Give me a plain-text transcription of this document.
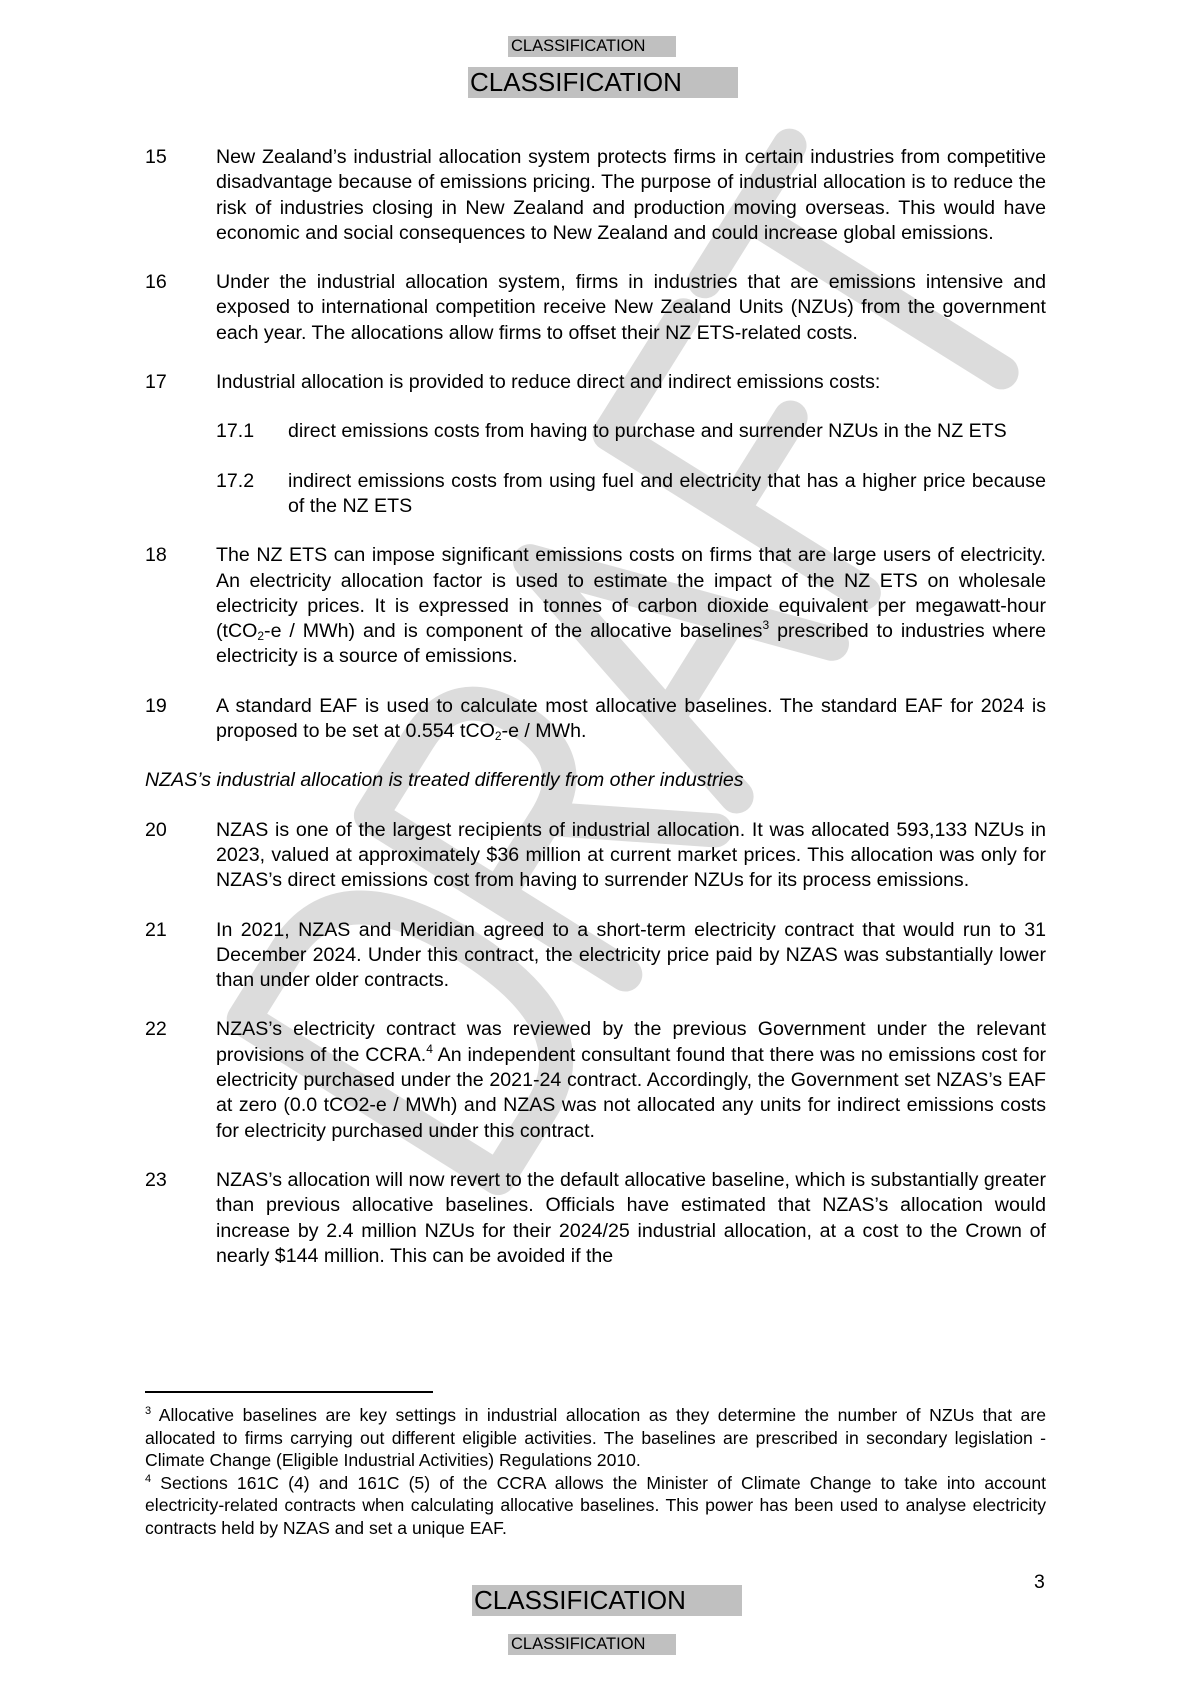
CLASSIFICATION
CLASSIFICATION
15	New Zealand’s industrial allocation system protects firms in certain industries from competitive disadvantage because of emissions pricing. The purpose of industrial allocation is to reduce the risk of industries closing in New Zealand and production moving overseas. This would have economic and social consequences to New Zealand and could increase global emissions.
16	Under the industrial allocation system, firms in industries that are emissions intensive and exposed to international competition receive New Zealand Units (NZUs) from the government each year. The allocations allow firms to offset their NZ ETS-related costs.
17	Industrial allocation is provided to reduce direct and indirect emissions costs:
17.1 direct emissions costs from having to purchase and surrender NZUs in the NZ ETS
17.2 indirect emissions costs from using fuel and electricity that has a higher price because of the NZ ETS
18	The NZ ETS can impose significant emissions costs on firms that are large users of electricity. An electricity allocation factor is used to estimate the impact of the NZ ETS on wholesale electricity prices. It is expressed in tonnes of carbon dioxide equivalent per megawatt-hour (tCO$_2$-e / MWh) and is component of the allocative baselines$^3$ prescribed to industries where electricity is a source of emissions.
19	A standard EAF is used to calculate most allocative baselines. The standard EAF for 2024 is proposed to be set at 0.554 tCO$_2$-e / MWh.
NZAS’s industrial allocation is treated differently from other industries
20	NZAS is one of the largest recipients of industrial allocation. It was allocated 593,133 NZUs in 2023, valued at approximately $36 million at current market prices. This allocation was only for NZAS’s direct emissions cost from having to surrender NZUs for its process emissions.
21	In 2021, NZAS and Meridian agreed to a short-term electricity contract that would run to 31 December 2024. Under this contract, the electricity price paid by NZAS was substantially lower than under older contracts.
22	NZAS’s electricity contract was reviewed by the previous Government under the relevant provisions of the CCRA.$^4$ An independent consultant found that there was no emissions cost for electricity purchased under the 2021-24 contract. Accordingly, the Government set NZAS’s EAF at zero (0.0 tCO2-e / MWh) and NZAS was not allocated any units for indirect emissions costs for electricity purchased under this contract.
23	NZAS’s allocation will now revert to the default allocative baseline, which is substantially greater than previous allocative baselines. Officials have estimated that NZAS’s allocation would increase by 2.4 million NZUs for their 2024/25 industrial allocation, at a cost to the Crown of nearly $144 million. This can be avoided if the

$^3$ Allocative baselines are key settings in industrial allocation as they determine the number of NZUs that are allocated to firms carrying out different eligible activities. The baselines are prescribed in secondary legislation - Climate Change (Eligible Industrial Activities) Regulations 2010.

$^4$ Sections 161C (4) and 161C (5) of the CCRA allows the Minister of Climate Change to take into account electricity-related contracts when calculating allocative baselines. This power has been used to analyse electricity contracts held by NZAS and set a unique EAF.

3
CLASSIFICATION
CLASSIFICATION
